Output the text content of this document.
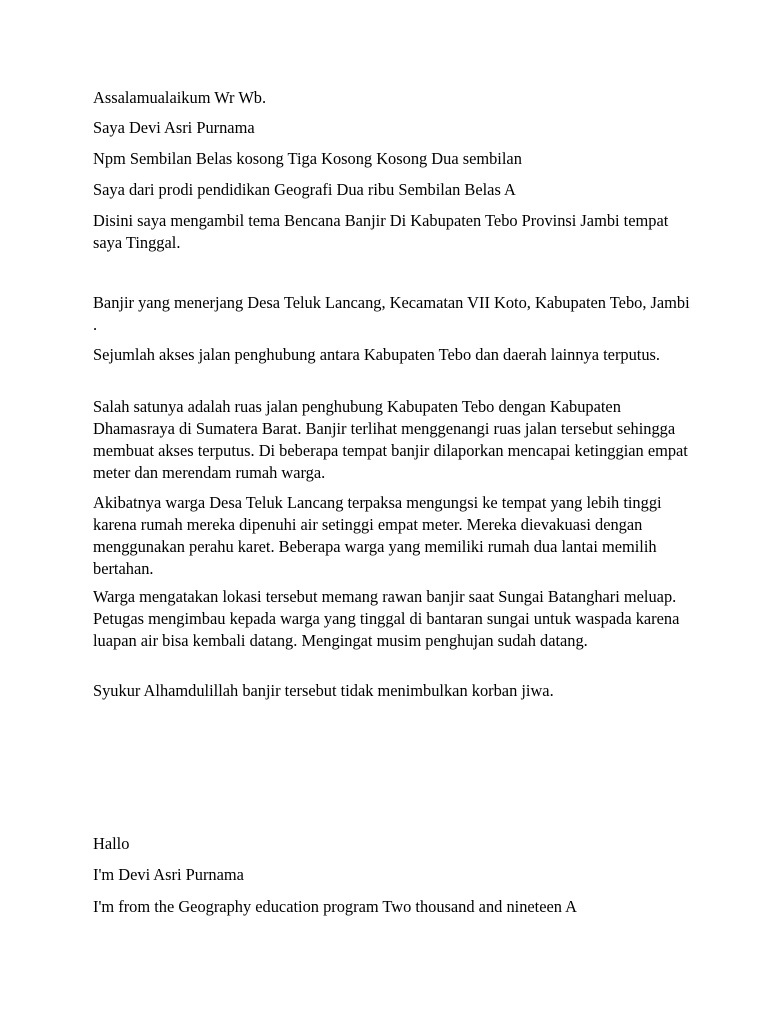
Assalamualaikum Wr Wb.

Saya Devi Asri Purnama

Npm Sembilan Belas kosong Tiga Kosong Kosong Dua sembilan

Saya dari prodi pendidikan Geografi Dua ribu Sembilan Belas A

Disini saya mengambil tema Bencana Banjir Di Kabupaten Tebo Provinsi Jambi tempat saya Tinggal.

Banjir yang menerjang Desa Teluk Lancang, Kecamatan VII Koto, Kabupaten Tebo, Jambi .

Sejumlah akses jalan penghubung antara Kabupaten Tebo dan daerah lainnya terputus.

Salah satunya adalah ruas jalan penghubung Kabupaten Tebo dengan Kabupaten Dhamasraya di Sumatera Barat. Banjir terlihat menggenangi ruas jalan tersebut sehingga membuat akses terputus. Di beberapa tempat banjir dilaporkan mencapai ketinggian empat meter dan merendam rumah warga.

Akibatnya warga Desa Teluk Lancang terpaksa mengungsi ke tempat yang lebih tinggi karena rumah mereka dipenuhi air setinggi empat meter. Mereka dievakuasi dengan menggunakan perahu karet. Beberapa warga yang memiliki rumah dua lantai memilih bertahan.

Warga mengatakan lokasi tersebut memang rawan banjir saat Sungai Batanghari meluap. Petugas mengimbau kepada warga yang tinggal di bantaran sungai untuk waspada karena luapan air bisa kembali datang. Mengingat musim penghujan sudah datang.

Syukur Alhamdulillah banjir tersebut tidak menimbulkan korban jiwa.

Hallo

I'm Devi Asri Purnama

I'm from the Geography education program Two thousand and nineteen A
